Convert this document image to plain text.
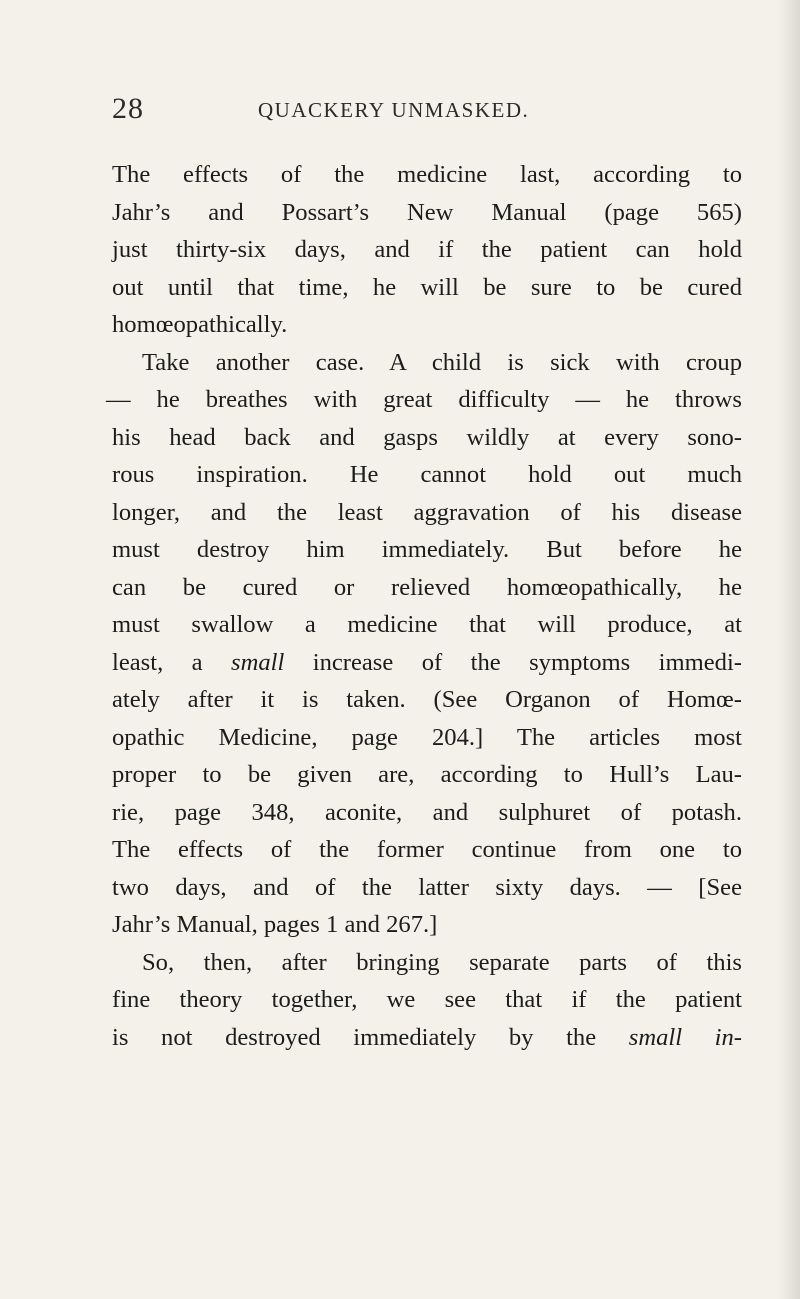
28	QUACKERY UNMASKED.
The effects of the medicine last, according to
Jahr’s and Possart’s New Manual (page 565)
just thirty-six days, and if the patient can hold
out until that time, he will be sure to be cured
homœopathically.
Take another case. A child is sick with croup
— he breathes with great difficulty — he throws
his head back and gasps wildly at every sono-
rous inspiration. He cannot hold out much
longer, and the least aggravation of his disease
must destroy him immediately. But before he
can be cured or relieved homœopathically, he
must swallow a medicine that will produce, at
least, a small increase of the symptoms immedi-
ately after it is taken. (See Organon of Homœ-
opathic Medicine, page 204.] The articles most
proper to be given are, according to Hull’s Lau-
rie, page 348, aconite, and sulphuret of potash.
The effects of the former continue from one to
two days, and of the latter sixty days. — [See
Jahr’s Manual, pages 1 and 267.]
So, then, after bringing separate parts of this
fine theory together, we see that if the patient
is not destroyed immediately by the small in-
